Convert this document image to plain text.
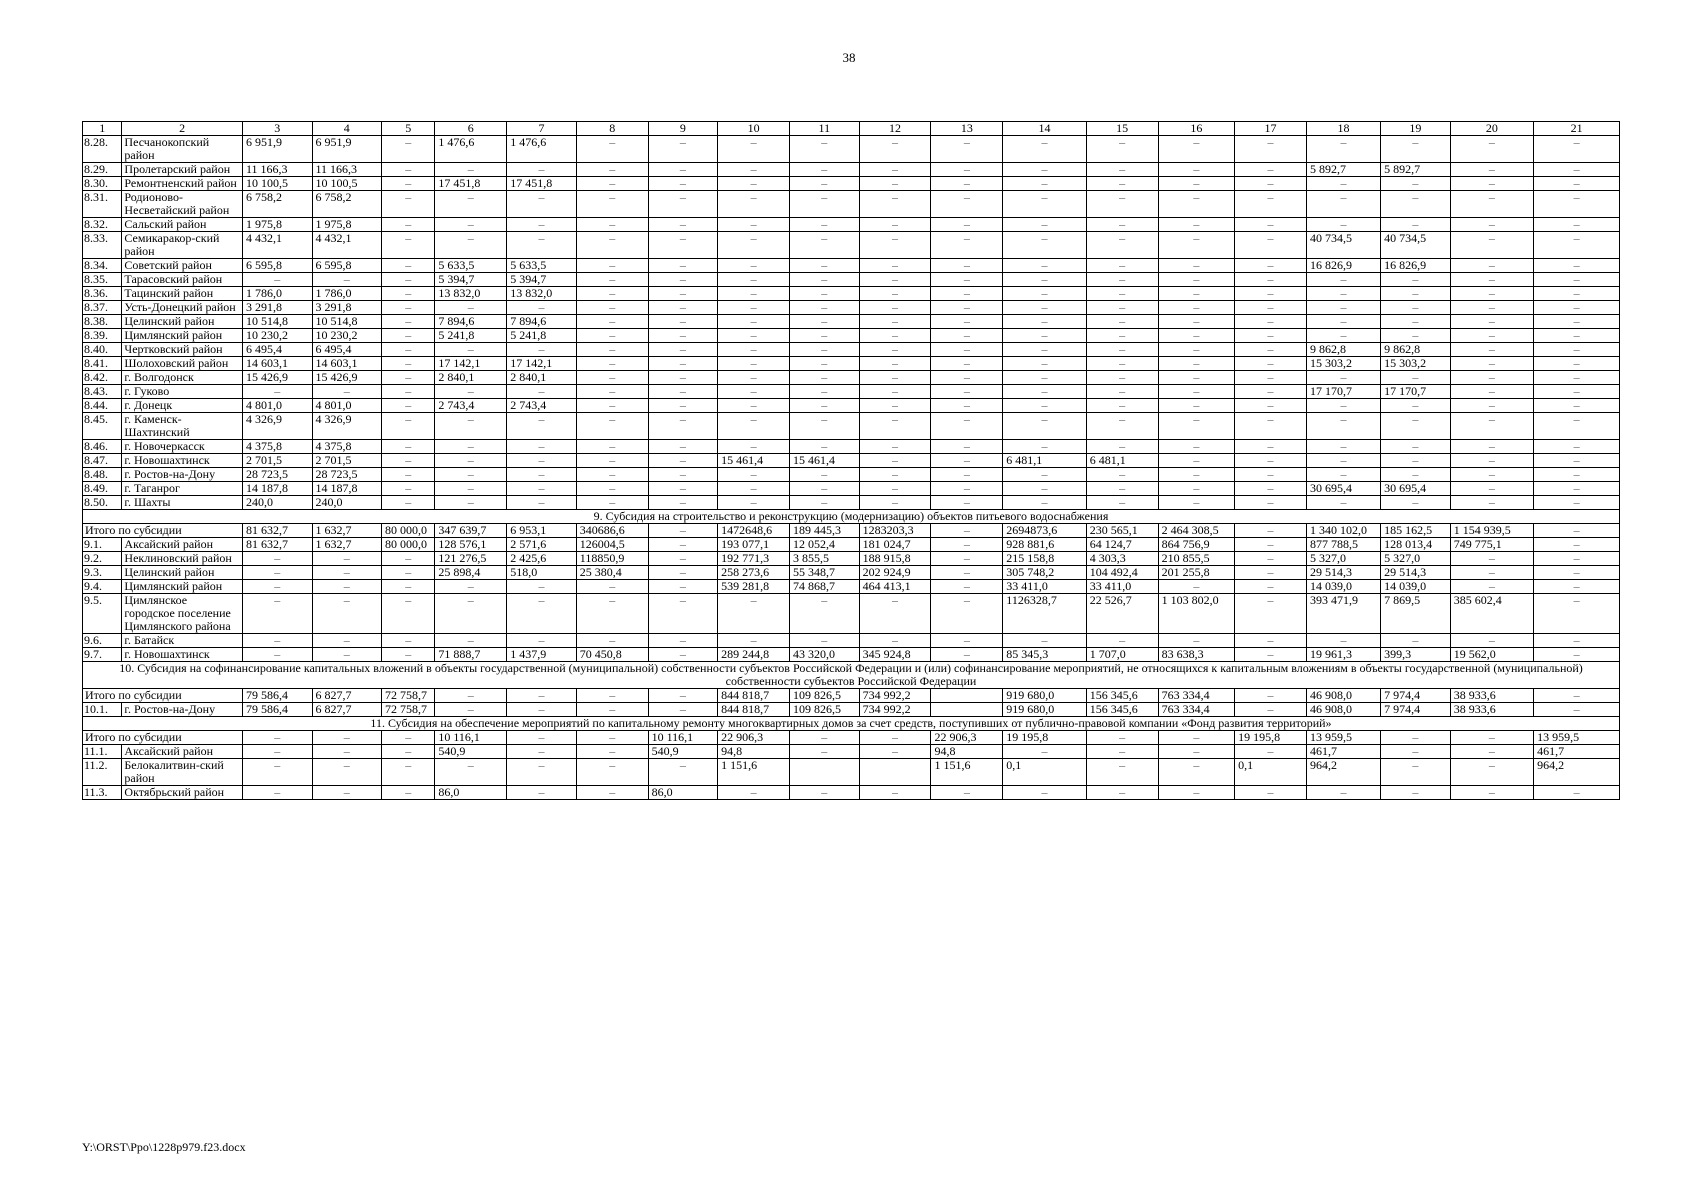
38
1	2	3	4	5	6	7	8	9	10	11	12	13	14	15	16	17	18	19	20	21
8.28.	Песчанокопский район	6 951,9	6 951,9	–	1 476,6	1 476,6	–	–	–	–	–	–	–	–	–	–	–	–	–	–
8.29.	Пролетарский район	11 166,3	11 166,3	–	–	–	–	–	–	–	–	–	–	–	–	–	5 892,7	5 892,7	–	–
8.30.	Ремонтненский район	10 100,5	10 100,5	–	17 451,8	17 451,8	–	–	–	–	–	–	–	–	–	–	–	–	–	–
8.31.	Родионово-Несветайский район	6 758,2	6 758,2	–	–	–	–	–	–	–	–	–	–	–	–	–	–	–	–	–
8.32.	Сальский район	1 975,8	1 975,8	–	–	–	–	–	–	–	–	–	–	–	–	–	–	–	–	–
8.33.	Семикаракор-ский район	4 432,1	4 432,1	–	–	–	–	–	–	–	–	–	–	–	–	–	40 734,5	40 734,5	–	–
8.34.	Советский район	6 595,8	6 595,8	–	5 633,5	5 633,5	–	–	–	–	–	–	–	–	–	–	16 826,9	16 826,9	–	–
8.35.	Тарасовский район	–	–	–	5 394,7	5 394,7	–	–	–	–	–	–	–	–	–	–	–	–	–	–
8.36.	Тацинский район	1 786,0	1 786,0	–	13 832,0	13 832,0	–	–	–	–	–	–	–	–	–	–	–	–	–	–
8.37.	Усть-Донецкий район	3 291,8	3 291,8	–	–	–	–	–	–	–	–	–	–	–	–	–	–	–	–	–
8.38.	Целинский район	10 514,8	10 514,8	–	7 894,6	7 894,6	–	–	–	–	–	–	–	–	–	–	–	–	–	–
8.39.	Цимлянский район	10 230,2	10 230,2	–	5 241,8	5 241,8	–	–	–	–	–	–	–	–	–	–	–	–	–	–
8.40.	Чертковский район	6 495,4	6 495,4	–	–	–	–	–	–	–	–	–	–	–	–	–	9 862,8	9 862,8	–	–
8.41.	Шолоховский район	14 603,1	14 603,1	–	17 142,1	17 142,1	–	–	–	–	–	–	–	–	–	–	15 303,2	15 303,2	–	–
8.42.	г. Волгодонск	15 426,9	15 426,9	–	2 840,1	2 840,1	–	–	–	–	–	–	–	–	–	–	–	–	–	–
8.43.	г. Гуково	–	–	–	–	–	–	–	–	–	–	–	–	–	–	–	17 170,7	17 170,7	–	–
8.44.	г. Донецк	4 801,0	4 801,0	–	2 743,4	2 743,4	–	–	–	–	–	–	–	–	–	–	–	–	–	–
8.45.	г. Каменск-Шахтинский	4 326,9	4 326,9	–	–	–	–	–	–	–	–	–	–	–	–	–	–	–	–	–
8.46.	г. Новочеркасск	4 375,8	4 375,8	–	–	–	–	–	–	–	–	–	–	–	–	–	–	–	–	–
8.47.	г. Новошахтинск	2 701,5	2 701,5	–	–	–	–	–	15 461,4	15 461,4	–	–	6 481,1	6 481,1	–	–	–	–	–	–
8.48.	г. Ростов-на-Дону	28 723,5	28 723,5	–	–	–	–	–	–	–	–	–	–	–	–	–	–	–	–	–
8.49.	г. Таганрог	14 187,8	14 187,8	–	–	–	–	–	–	–	–	–	–	–	–	–	30 695,4	30 695,4	–	–
8.50.	г. Шахты	240,0	240,0	–	–	–	–	–	–	–	–	–	–	–	–	–	–	–	–	–
9. Субсидия на строительство и реконструкцию (модернизацию) объектов питьевого водоснабжения																				
Итого по субсидии		81 632,7	1 632,7	80 000,0	347 639,7	6 953,1	340686,6	–	1472648,6	189 445,3	1283203,3	–	2694873,6	230 565,1	2 464 308,5	–	1 340 102,0	185 162,5	1 154 939,5	–
9.1.	Аксайский район	81 632,7	1 632,7	80 000,0	128 576,1	2 571,6	126004,5	–	193 077,1	12 052,4	181 024,7	–	928 881,6	64 124,7	864 756,9	–	877 788,5	128 013,4	749 775,1	–
9.2.	Неклиновский район	–	–	–	121 276,5	2 425,6	118850,9	–	192 771,3	3 855,5	188 915,8	–	215 158,8	4 303,3	210 855,5	–	5 327,0	5 327,0	–	–
9.3.	Целинский район	–	–	–	25 898,4	518,0	25 380,4	–	258 273,6	55 348,7	202 924,9	–	305 748,2	104 492,4	201 255,8	–	29 514,3	29 514,3	–	–
9.4.	Цимлянский район	–	–	–	–	–	–	–	539 281,8	74 868,7	464 413,1	–	33 411,0	33 411,0	–	–	14 039,0	14 039,0	–	–
9.5.	Цимлянское городское поселение Цимлянского района	–	–	–	–	–	–	–	–	–	–	–	1126328,7	22 526,7	1 103 802,0	–	393 471,9	7 869,5	385 602,4	–
9.6.	г. Батайск	–	–	–	–	–	–	–	–	–	–	–	–	–	–	–	–	–	–	–
9.7.	г. Новошахтинск	–	–	–	71 888,7	1 437,9	70 450,8	–	289 244,8	43 320,0	345 924,8	–	85 345,3	1 707,0	83 638,3	–	19 961,3	399,3	19 562,0	–
10. Субсидия на софинансирование капитальных вложений в объекты государственной (муниципальной) собственности субъектов Российской Федерации и (или) софинансирование мероприятий, не относящихся к капитальным вложениям в объекты государственной (муниципальной) собственности субъектов Российской Федерации																				
Итого по субсидии		79 586,4	6 827,7	72 758,7	–	–	–	–	844 818,7	109 826,5	734 992,2		919 680,0	156 345,6	763 334,4	–	46 908,0	7 974,4	38 933,6	–
10.1.	г. Ростов-на-Дону	79 586,4	6 827,7	72 758,7	–	–	–	–	844 818,7	109 826,5	734 992,2		919 680,0	156 345,6	763 334,4	–	46 908,0	7 974,4	38 933,6	–
11. Субсидия на обеспечение мероприятий по капитальному ремонту многоквартирных домов за счет средств, поступивших от публично-правовой компании «Фонд развития территорий»																				
Итого по субсидии		–	–	–	10 116,1	–	–	10 116,1	22 906,3	–	–	22 906,3	19 195,8	–	–	19 195,8	13 959,5	–	–	13 959,5
11.1.	Аксайский район	–	–	–	540,9	–	–	540,9	94,8	–	–	94,8	–	–	–	–	461,7	–	–	461,7
11.2.	Белокалитвин-ский район	–	–	–	–	–	–	–	1 151,6			1 151,6	0,1	–	–	0,1	964,2	–	–	964,2
11.3.	Октябрьский район	–	–	–	86,0	–	–	86,0	–	–	–	–	–	–	–	–	–	–	–	–
Y:\ORST\Ppo\1228p979.f23.docx
